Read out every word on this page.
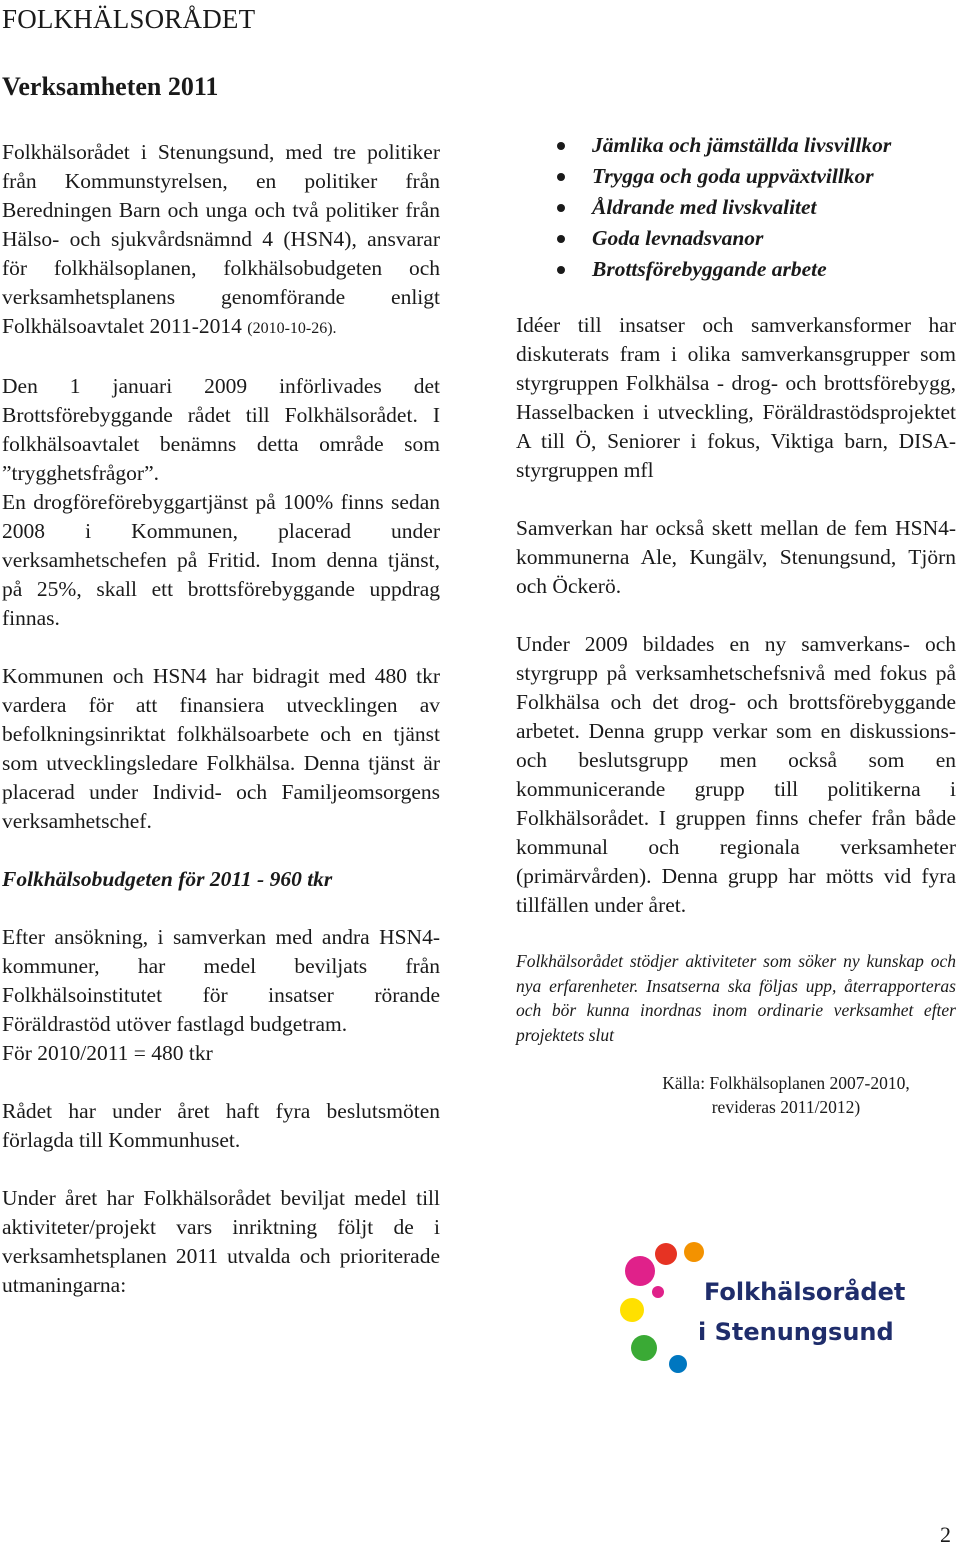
FOLKHÄLSORÅDET
Verksamheten 2011

Folkhälsorådet i Stenungsund, med tre politiker från Kommunstyrelsen, en politiker från Beredningen Barn och unga och två politiker från Hälso- och sjukvårdsnämnd 4 (HSN4), ansvarar för folkhälsoplanen, folkhälsobudgeten och verksamhetsplanens genomförande enligt Folkhälsoavtalet 2011-2014 (2010-10-26).

Den 1 januari 2009 införlivades det Brottsförebyggande rådet till Folkhälsorådet. I folkhälsoavtalet benämns detta område som ”trygghetsfrågor”.

En drogföreförebyggartjänst på 100% finns sedan 2008 i Kommunen, placerad under verksamhetschefen på Fritid. Inom denna tjänst, på 25%, skall ett brottsförebyggande uppdrag finnas.

Kommunen och HSN4 har bidragit med 480 tkr vardera för att finansiera utvecklingen av befolkningsinriktat folkhälsoarbete och en tjänst som utvecklingsledare Folkhälsa. Denna tjänst är placerad under Individ- och Familjeomsorgens verksamhetschef.

Folkhälsobudgeten för 2011 - 960 tkr

Efter ansökning, i samverkan med andra HSN4-kommuner, har medel beviljats från Folkhälsoinstitutet för insatser rörande Föräldrastöd utöver fastlagd budgetram.
För 2010/2011 = 480 tkr

Rådet har under året haft fyra beslutsmöten förlagda till Kommunhuset.

Under året har Folkhälsorådet beviljat medel till aktiviteter/projekt vars inriktning följt de i verksamhetsplanen 2011 utvalda och prioriterade utmaningarna:

Jämlika och jämställda livsvillkor
Trygga och goda uppväxtvillkor
Åldrande med livskvalitet
Goda levnadsvanor
Brottsförebyggande arbete

Idéer till insatser och samverkansformer har diskuterats fram i olika samverkansgrupper som styrgruppen Folkhälsa - drog- och brottsförebygg, Hasselbacken i utveckling, Föräldrastödsprojektet A till Ö, Seniorer i fokus, Viktiga barn, DISA-styrgruppen mfl

Samverkan har också skett mellan de fem HSN4-kommunerna Ale, Kungälv, Stenungsund, Tjörn och Öckerö.

Under 2009 bildades en ny samverkans- och styrgrupp på verksamhetschefsnivå med fokus på Folkhälsa och det drog- och brottsförebyggande arbetet. Denna grupp verkar som en diskussions- och beslutsgrupp men också som en kommunicerande grupp till politikerna i Folkhälsorådet. I gruppen finns chefer från både kommunal och regionala verksamheter (primärvården). Denna grupp har mötts vid fyra tillfällen under året.

Folkhälsorådet stödjer aktiviteter som söker ny kunskap och nya erfarenheter. Insatserna ska följas upp, återrapporteras och bör kunna inordnas inom ordinarie verksamhet efter projektets slut
Källa: Folkhälsoplanen 2007-2010,
revideras 2011/2012)
Folkhälsorådet
i Stenungsund
2
